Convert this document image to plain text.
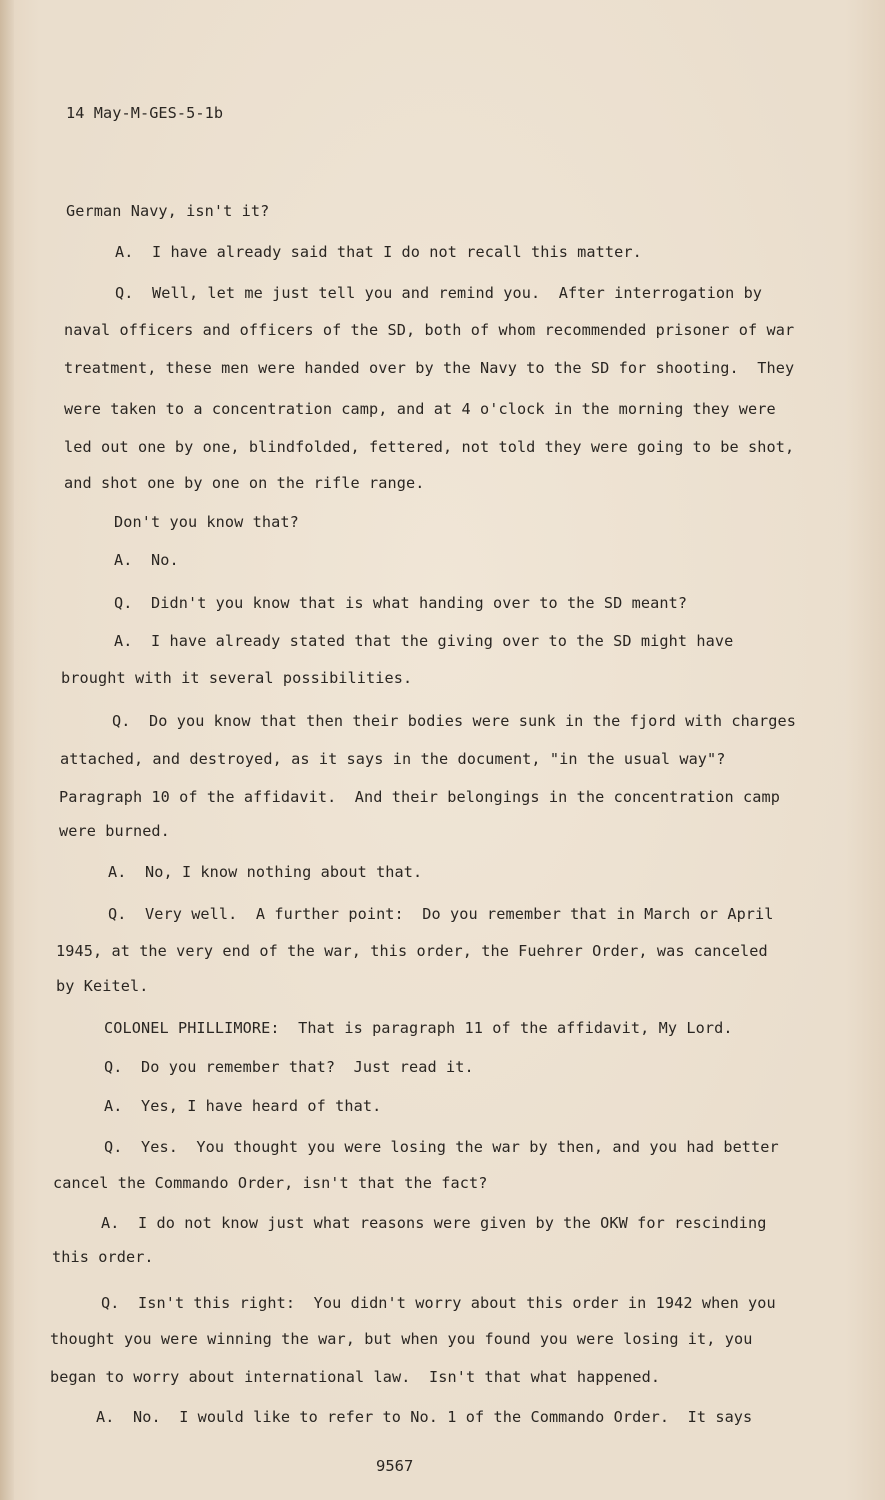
14 May-M-GES-5-1b
German Navy, isn't it?
A.  I have already said that I do not recall this matter.
Q.  Well, let me just tell you and remind you.  After interrogation by
naval officers and officers of the SD, both of whom recommended prisoner of war
treatment, these men were handed over by the Navy to the SD for shooting.  They
were taken to a concentration camp, and at 4 o'clock in the morning they were
led out one by one, blindfolded, fettered, not told they were going to be shot,
and shot one by one on the rifle range.
Don't you know that?
A.  No.
Q.  Didn't you know that is what handing over to the SD meant?
A.  I have already stated that the giving over to the SD might have
brought with it several possibilities.
Q.  Do you know that then their bodies were sunk in the fjord with charges
attached, and destroyed, as it says in the document, "in the usual way"?
Paragraph 10 of the affidavit.  And their belongings in the concentration camp
were burned.
A.  No, I know nothing about that.
Q.  Very well.  A further point:  Do you remember that in March or April
1945, at the very end of the war, this order, the Fuehrer Order, was canceled
by Keitel.
COLONEL PHILLIMORE:  That is paragraph 11 of the affidavit, My Lord.
Q.  Do you remember that?  Just read it.
A.  Yes, I have heard of that.
Q.  Yes.  You thought you were losing the war by then, and you had better
cancel the Commando Order, isn't that the fact?
A.  I do not know just what reasons were given by the OKW for rescinding
this order.
Q.  Isn't this right:  You didn't worry about this order in 1942 when you
thought you were winning the war, but when you found you were losing it, you
began to worry about international law.  Isn't that what happened.
A.  No.  I would like to refer to No. 1 of the Commando Order.  It says
9567
